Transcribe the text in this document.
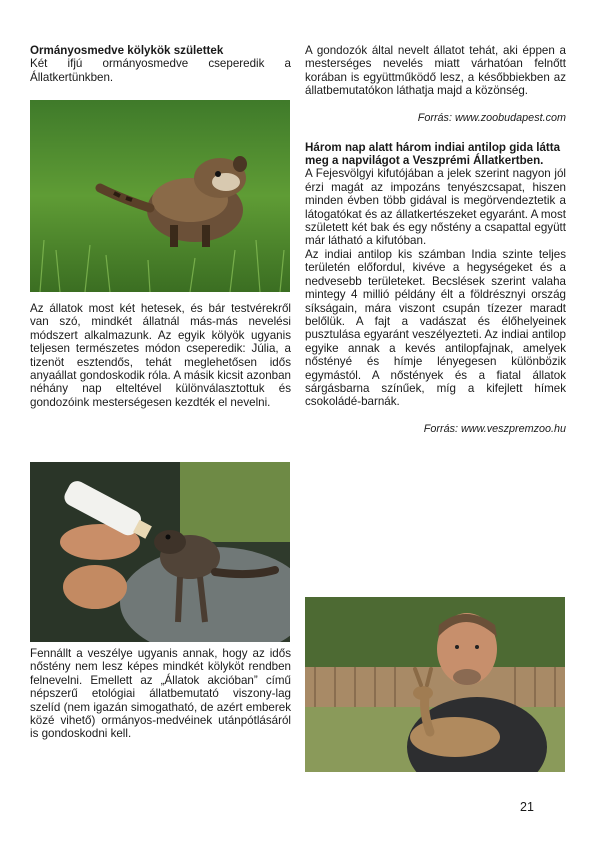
Ormányosmedve kölykök születtek

Két ifjú ormányosmedve cseperedik a Állatkertünkben.

Az állatok most két hetesek, és bár testvérekről van szó, mindkét állatnál más-más nevelési módszert alkalmazunk. Az egyik kölyök ugyanis teljesen természetes módon cseperedik: Júlia, a tizenöt esztendős, tehát meglehetősen idős anyaállat gondoskodik róla. A másik kicsit azonban néhány nap elteltével különválasztottuk és gondozóink mesterségesen kezdték el nevelni.

Fennállt a veszélye ugyanis annak, hogy az idős nőstény nem lesz képes mindkét kölyköt rendben felnevelni. Emellett az „Állatok akcióban” című népszerű etológiai állatbemutató viszony-lag szelíd (nem igazán simogatható, de azért emberek közé vihető) ormányos-medvéinek utánpótlásáról is gondoskodni kell.

A gondozók által nevelt állatot tehát, aki éppen a mesterséges nevelés miatt várhatóan felnőtt korában is együttműködő lesz, a későbbiekben az állatbemutatókon láthatja majd a közönség.

Forrás: www.zoobudapest.com
Három nap alatt három indiai antilop gida látta meg a napvilágot a Veszprémi Állatkertben.

A Fejesvölgyi kifutójában a jelek szerint nagyon jól érzi magát az impozáns tenyészcsapat, hiszen minden évben több gidával is megörvendeztetik a látogatókat és az állatkertészeket egyaránt. A most született két bak és egy nőstény a csapattal együtt már látható a kifutóban.

Az indiai antilop kis számban India szinte teljes területén előfordul, kivéve a hegységeket és a nedvesebb területeket. Becslések szerint valaha mintegy 4 millió példány élt a földrésznyi ország síkságain, mára viszont csupán tízezer maradt belőlük. A fajt a vadászat és élőhelyeinek pusztulása egyaránt veszélyezteti. Az indiai antilop egyike annak a kevés antilopfajnak, amelyek nőstényé és hímje lényegesen különbözik egymástól. A nőstények és a fiatal állatok sárgásbarna színűek, míg a kifejlett hímek csokoládé-barnák.

Forrás: www.veszpremzoo.hu
21
